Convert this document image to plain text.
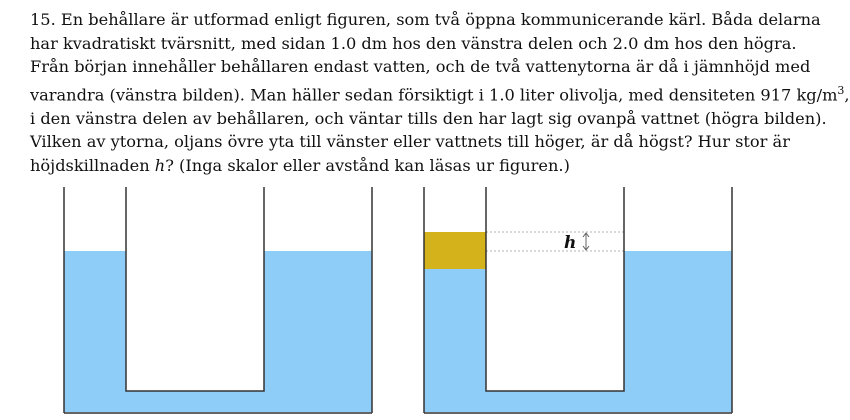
15. En behållare är utformad enligt figuren, som två öppna kommunicerande kärl. Båda delarna
har kvadratiskt tvärsnitt, med sidan 1.0 dm hos den vänstra delen och 2.0 dm hos den högra.
Från början innehåller behållaren endast vatten, och de två vattenytorna är då i jämnhöjd med
varandra (vänstra bilden). Man häller sedan försiktigt i 1.0 liter olivolja, med densiteten 917 $kg/m^3$,
i den vänstra delen av behållaren, och väntar tills den har lagt sig ovanpå vattnet (högra bilden).
Vilken av ytorna, oljans övre yta till vänster eller vattnets till höger, är då högst? Hur stor är
höjdskillnaden h? (Inga skalor eller avstånd kan läsas ur figuren.)
h
